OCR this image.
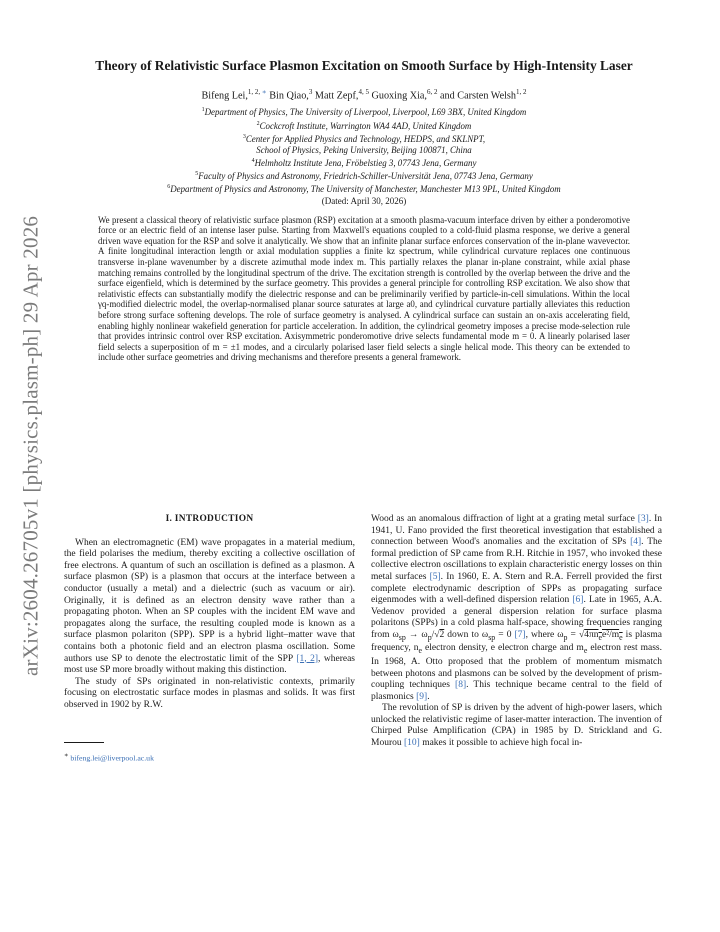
arXiv:2604.26705v1 [physics.plasm-ph] 29 Apr 2026
Theory of Relativistic Surface Plasmon Excitation on Smooth Surface by High-Intensity Laser
Bifeng Lei,$^{1, 2,}$ ∗ Bin Qiao,$^3$ Matt Zepf,$^{4, 5}$ Guoxing Xia,$^{6, 2}$ and Carsten Welsh$^{1, 2}$
$^1$Department of Physics, The University of Liverpool, Liverpool, L69 3BX, United Kingdom
$^2$Cockcroft Institute, Warrington WA4 4AD, United Kingdom
$^3$Center for Applied Physics and Technology, HEDPS, and SKLNPT,
School of Physics, Peking University, Beijing 100871, China
$^4$Helmholtz Institute Jena, Fröbelstieg 3, 07743 Jena, Germany
$^5$Faculty of Physics and Astronomy, Friedrich-Schiller-Universität Jena, 07743 Jena, Germany
$^6$Department of Physics and Astronomy, The University of Manchester, Manchester M13 9PL, United Kingdom
(Dated: April 30, 2026)
We present a classical theory of relativistic surface plasmon (RSP) excitation at a smooth plasma-vacuum interface driven by either a ponderomotive force or an electric field of an intense laser pulse. Starting from Maxwell's equations coupled to a cold-fluid plasma response, we derive a general driven wave equation for the RSP and solve it analytically. We show that an infinite planar surface enforces conservation of the in-plane wavevector. A finite longitudinal interaction length or axial modulation supplies a finite kz spectrum, while cylindrical curvature replaces one continuous transverse in-plane wavenumber by a discrete azimuthal mode index m. This partially relaxes the planar in-plane constraint, while axial phase matching remains controlled by the longitudinal spectrum of the drive. The excitation strength is controlled by the overlap between the drive and the surface eigenfield, which is determined by the surface geometry. This provides a general principle for controlling RSP excitation. We also show that relativistic effects can substantially modify the dielectric response and can be preliminarily verified by particle-in-cell simulations. Within the local γq-modified dielectric model, the overlap-normalised planar source saturates at large a0, and cylindrical curvature partially alleviates this reduction before strong surface softening develops. The role of surface geometry is analysed. A cylindrical surface can sustain an on-axis accelerating field, enabling highly nonlinear wakefield generation for particle acceleration. In addition, the cylindrical geometry imposes a precise mode-selection rule that provides intrinsic control over RSP excitation. Axisymmetric ponderomotive drive selects fundamental mode m = 0. A linearly polarised laser field selects a superposition of m = ±1 modes, and a circularly polarised laser field selects a single helical mode. This theory can be extended to include other surface geometries and driving mechanisms and therefore presents a general framework.
I. INTRODUCTION

When an electromagnetic (EM) wave propagates in a material medium, the field polarises the medium, thereby exciting a collective oscillation of free electrons. A quantum of such an oscillation is defined as a plasmon. A surface plasmon (SP) is a plasmon that occurs at the interface between a conductor (usually a metal) and a dielectric (such as vacuum or air). Originally, it is defined as an electron density wave rather than a propagating photon. When an SP couples with the incident EM wave and propagates along the surface, the resulting coupled mode is known as a surface plasmon polariton (SPP). SPP is a hybrid light–matter wave that contains both a photonic field and an electron plasma oscillation. Some authors use SP to denote the electrostatic limit of the SPP [1, 2], whereas most use SP more broadly without making this distinction.

The study of SPs originated in non-relativistic contexts, primarily focusing on electrostatic surface modes in plasmas and solids. It was first observed in 1902 by R.W.

∗ bifeng.lei@liverpool.ac.uk

Wood as an anomalous diffraction of light at a grating metal surface [3]. In 1941, U. Fano provided the first theoretical investigation that established a connection between Wood's anomalies and the excitation of SPs [4]. The formal prediction of SP came from R.H. Ritchie in 1957, who invoked these collective electron oscillations to explain characteristic energy losses on thin metal surfaces [5]. In 1960, E. A. Stern and R.A. Ferrell provided the first complete electrodynamic description of SPPs as propagating surface eigenmodes with a well-defined dispersion relation [6]. Late in 1965, A.A. Vedenov provided a general dispersion relation for surface plasma polaritons (SPPs) in a cold plasma half-space, showing frequencies ranging from $\omega_{sp} \to \omega_p/√2$ down to $\omega_{sp} = 0$ [7], where $\omega_p = √4\pi n_ee^2/m_e$ is plasma frequency, $n_e$ electron density, e electron charge and $m_e$ electron rest mass. In 1968, A. Otto proposed that the problem of momentum mismatch between photons and plasmons can be solved by the development of prism-coupling techniques [8]. This technique became central to the field of plasmonics [9].

The revolution of SP is driven by the advent of high-power lasers, which unlocked the relativistic regime of laser-matter interaction. The invention of Chirped Pulse Amplification (CPA) in 1985 by D. Strickland and G. Mourou [10] makes it possible to achieve high focal in-
